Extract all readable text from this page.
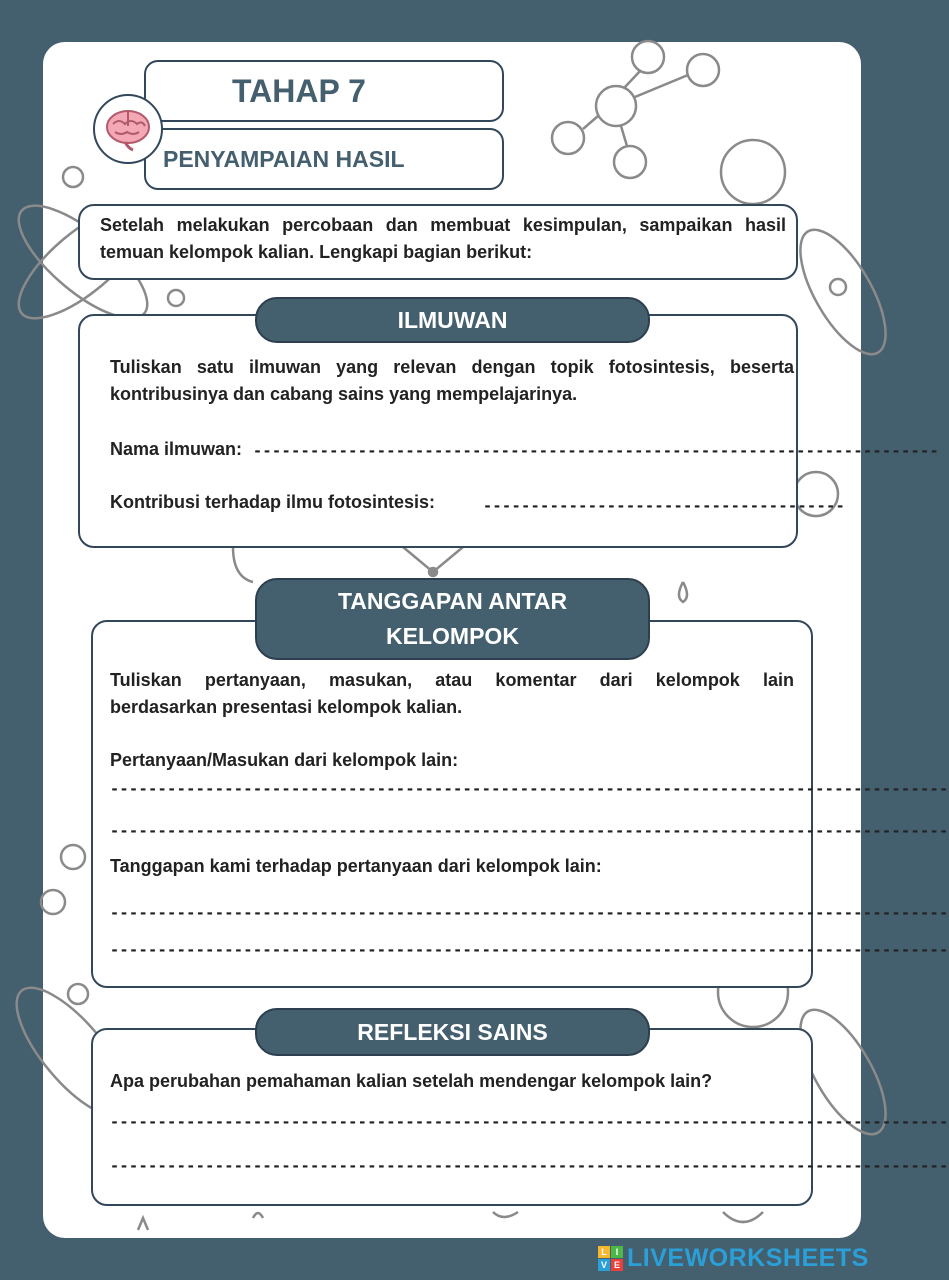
TAHAP 7
PENYAMPAIAN HASIL
Setelah melakukan percobaan dan membuat kesimpulan, sampaikan hasil
temuan kelompok kalian. Lengkapi bagian berikut:
ILMUWAN
Tuliskan satu ilmuwan yang relevan dengan topik fotosintesis, beserta
kontribusinya dan cabang sains yang mempelajarinya.
Nama ilmuwan: ------------------------------------------------------------------------
Kontribusi terhadap ilmu fotosintesis:	--------------------------------------
TANGGAPAN ANTAR
KELOMPOK
Tuliskan pertanyaan, masukan, atau komentar dari kelompok lain
berdasarkan presentasi kelompok kalian.
Pertanyaan/Masukan dari kelompok lain:
----------------------------------------------------------------------------------------
----------------------------------------------------------------------------------------
Tanggapan kami terhadap pertanyaan dari kelompok lain:
----------------------------------------------------------------------------------------
----------------------------------------------------------------------------------------
REFLEKSI SAINS
Apa perubahan pemahaman kalian setelah mendengar kelompok lain?
----------------------------------------------------------------------------------------
----------------------------------------------------------------------------------------
L I
V E LIVEWORKSHEETS
